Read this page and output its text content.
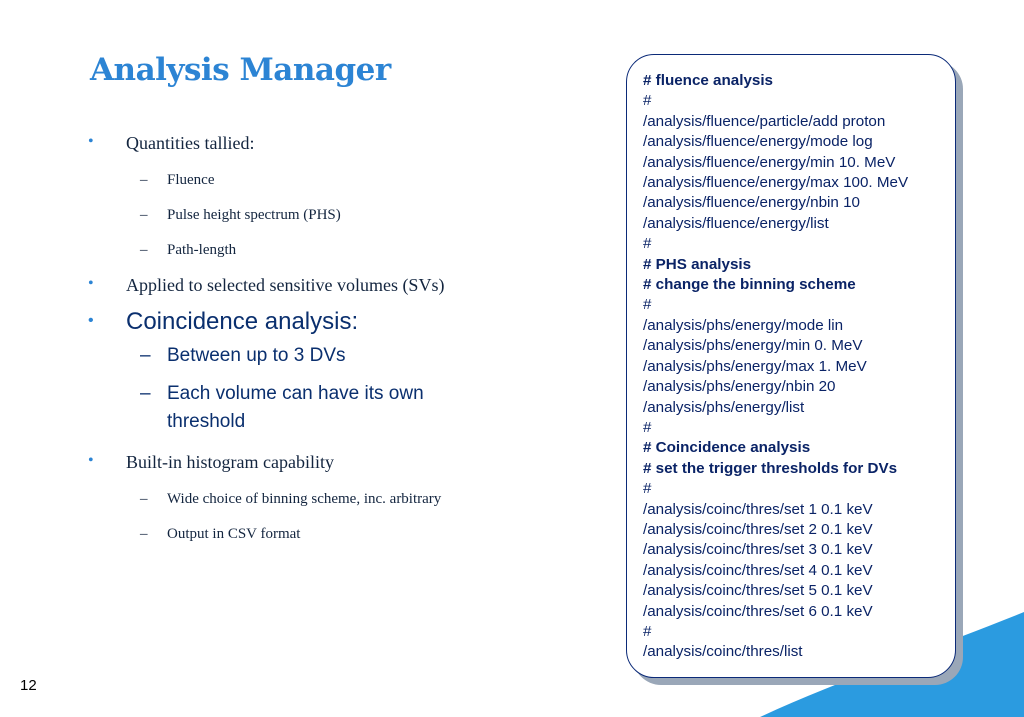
Analysis Manager
• Quantities tallied:
– Fluence
– Pulse height spectrum (PHS)
– Path-length
• Applied to selected sensitive volumes (SVs)
• Coincidence analysis:
– Between up to 3 DVs
– Each volume can have its own threshold
• Built-in histogram capability
– Wide choice of binning scheme, inc. arbitrary
– Output in CSV format
12
# fluence analysis
#
/analysis/fluence/particle/add proton
/analysis/fluence/energy/mode log
/analysis/fluence/energy/min 10. MeV
/analysis/fluence/energy/max 100. MeV
/analysis/fluence/energy/nbin 10
/analysis/fluence/energy/list
#
# PHS analysis
# change the binning scheme
#
/analysis/phs/energy/mode lin
/analysis/phs/energy/min 0. MeV
/analysis/phs/energy/max 1. MeV
/analysis/phs/energy/nbin 20
/analysis/phs/energy/list
#
# Coincidence analysis
# set the trigger thresholds for DVs
#
/analysis/coinc/thres/set 1 0.1 keV
/analysis/coinc/thres/set 2 0.1 keV
/analysis/coinc/thres/set 3 0.1 keV
/analysis/coinc/thres/set 4 0.1 keV
/analysis/coinc/thres/set 5 0.1 keV
/analysis/coinc/thres/set 6 0.1 keV
#
/analysis/coinc/thres/list
